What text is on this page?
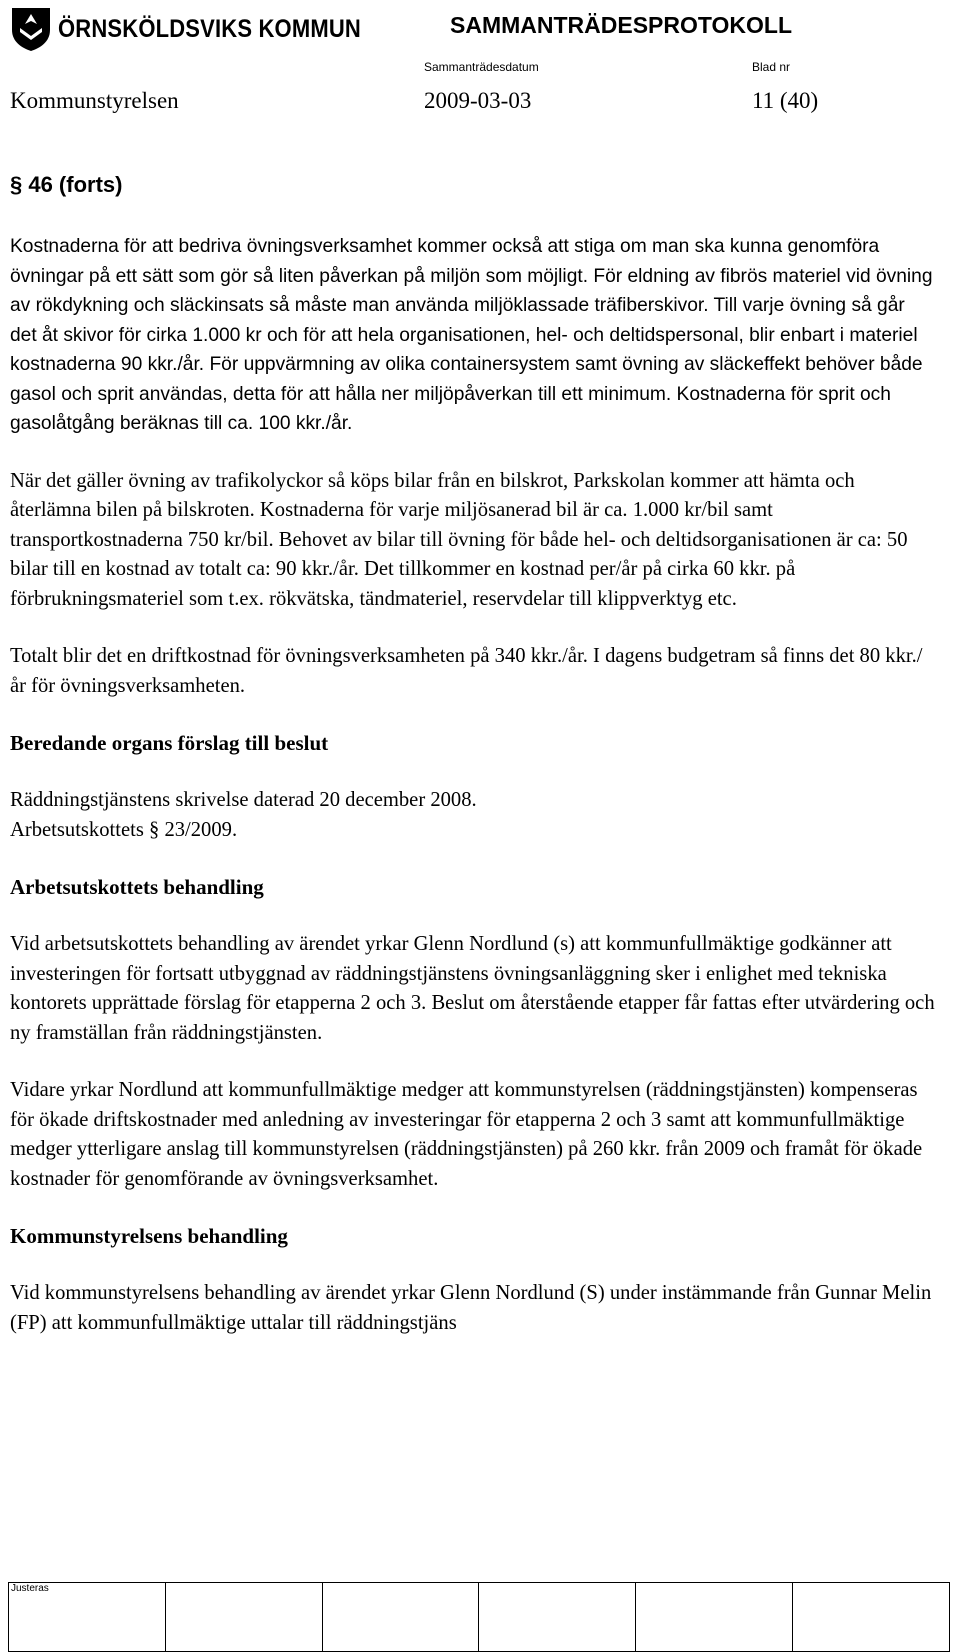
ÖRNSKÖLDSVIKS KOMMUN	SAMMANTRÄDESPROTOKOLL
Sammanträdesdatum	Blad nr
Kommunstyrelsen	2009-03-03	11 (40)
§ 46 (forts)

Kostnaderna för att bedriva övningsverksamhet kommer också att stiga om man ska kunna genomföra övningar på ett sätt som gör så liten påverkan på miljön som möjligt. För eldning av fibrös materiel vid övning av rökdykning och släckinsats så måste man använda miljöklassade träfiberskivor. Till varje övning så går det åt skivor för cirka 1.000 kr och för att hela organisationen, hel- och deltidspersonal, blir enbart i materiel kostnaderna 90 kkr./år. För uppvärmning av olika containersystem samt övning av släckeffekt behöver både gasol och sprit användas, detta för att hålla ner miljöpåverkan till ett minimum. Kostnaderna för sprit och gasolåtgång beräknas till ca. 100 kkr./år.

När det gäller övning av trafikolyckor så köps bilar från en bilskrot, Parkskolan kommer att hämta och återlämna bilen på bilskroten. Kostnaderna för varje miljösanerad bil är ca. 1.000 kr/bil samt transportkostnaderna 750 kr/bil. Behovet av bilar till övning för både hel- och deltidsorganisationen är ca: 50 bilar till en kostnad av totalt ca: 90 kkr./år. Det tillkommer en kostnad per/år på cirka 60 kkr. på förbrukningsmateriel som t.ex. rökvätska, tändmateriel, reservdelar till klippverktyg etc.

Totalt blir det en driftkostnad för övningsverksamheten på 340 kkr./år. I dagens budgetram så finns det 80 kkr./år för övningsverksamheten.

Beredande organs förslag till beslut

Räddningstjänstens skrivelse daterad 20 december 2008.
Arbetsutskottets § 23/2009.

Arbetsutskottets behandling

Vid arbetsutskottets behandling av ärendet yrkar Glenn Nordlund (s) att kommunfullmäktige godkänner att investeringen för fortsatt utbyggnad av räddningstjänstens övningsanläggning sker i enlighet med tekniska kontorets upprättade förslag för etapperna 2 och 3. Beslut om återstående etapper får fattas efter utvärdering och ny framställan från räddningstjänsten.

Vidare yrkar Nordlund att kommunfullmäktige medger att kommunstyrelsen (räddningstjänsten) kompenseras för ökade driftskostnader med anledning av investeringar för etapperna 2 och 3 samt att kommunfullmäktige medger ytterligare anslag till kommunstyrelsen (räddningstjänsten) på 260 kkr. från 2009 och framåt för ökade kostnader för genomförande av övningsverksamhet.

Kommunstyrelsens behandling

Vid kommunstyrelsens behandling av ärendet yrkar Glenn Nordlund (S) under instämmande från Gunnar Melin (FP) att kommunfullmäktige uttalar till räddningstjäns

Justeras
